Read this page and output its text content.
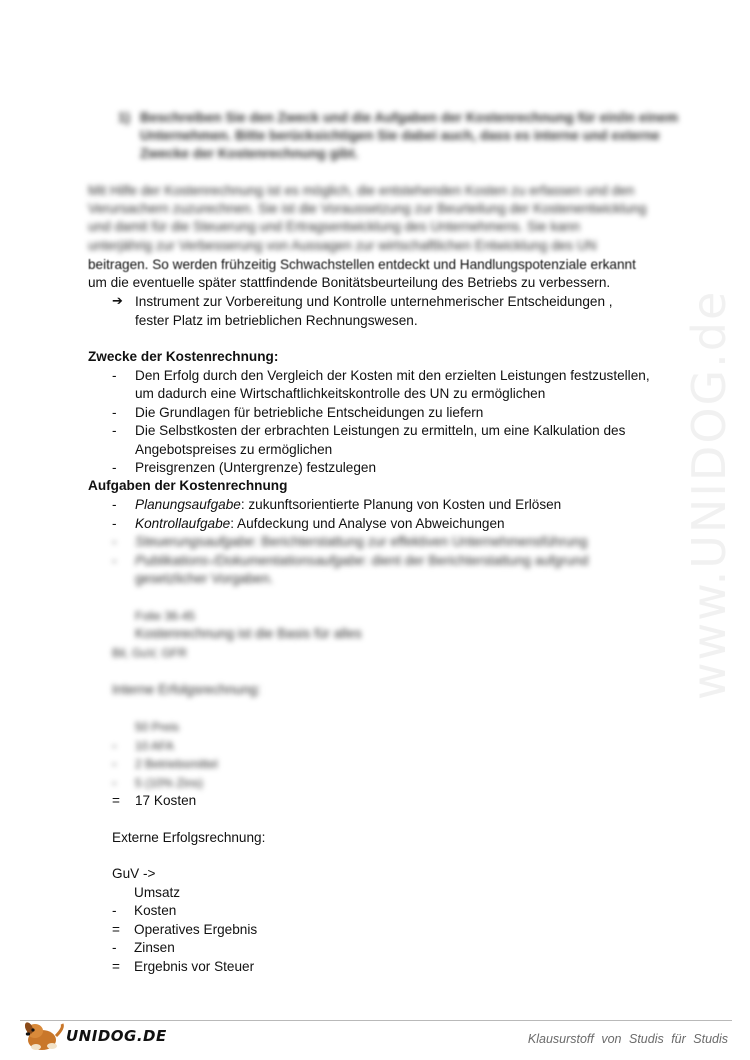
www.UNIDOG.de
1) Beschreiben Sie den Zweck und die Aufgaben der Kostenrechnung für ein/in einem
Unternehmen. Bitte berücksichtigen Sie dabei auch, dass es interne und externe
Zwecke der Kostenrechnung gibt.
Mit Hilfe der Kostenrechnung ist es möglich, die entstehenden Kosten zu erfassen und den
Verursachern zuzurechnen. Sie ist die Voraussetzung zur Beurteilung der Kostenentwicklung
und damit für die Steuerung und Ertragsentwicklung des Unternehmens. Sie kann
unterjährig zur Verbesserung von Aussagen zur wirtschaftlichen Entwicklung des UN
beitragen. So werden frühzeitig Schwachstellen entdeckt und Handlungspotenziale erkannt
um die eventuelle später stattfindende Bonitätsbeurteilung des Betriebs zu verbessern.
➔ Instrument zur Vorbereitung und Kontrolle unternehmerischer Entscheidungen ,
fester Platz im betrieblichen Rechnungswesen.
Zwecke der Kostenrechnung:
- Den Erfolg durch den Vergleich der Kosten mit den erzielten Leistungen festzustellen,
um dadurch eine Wirtschaftlichkeitskontrolle des UN zu ermöglichen
- Die Grundlagen für betriebliche Entscheidungen zu liefern
- Die Selbstkosten der erbrachten Leistungen zu ermitteln, um eine Kalkulation des
Angebotspreises zu ermöglichen
- Preisgrenzen (Untergrenze) festzulegen
Aufgaben der Kostenrechnung
- Planungsaufgabe: zukunftsorientierte Planung von Kosten und Erlösen
- Kontrollaufgabe: Aufdeckung und Analyse von Abweichungen
- Steuerungsaufgabe: Berichterstattung zur effektiven Unternehmensführung
- Publikations-/Dokumentationsaufgabe: dient der Berichterstattung aufgrund
gesetzlicher Vorgaben.
Folie 36-45
Kostenrechnung ist die Basis für alles
Bil, GuV, GFR
Interne Erfolgsrechnung:
50 Preis
- 10 AFA
- 2 Betriebsmittel
- 5 (10% Zins)
= 17 Kosten
Externe Erfolgsrechnung:
GuV ->
Umsatz
- Kosten
= Operatives Ergebnis
- Zinsen
= Ergebnis vor Steuer
UNIDOG.DE	Klausurstoff von Studis für Studis
